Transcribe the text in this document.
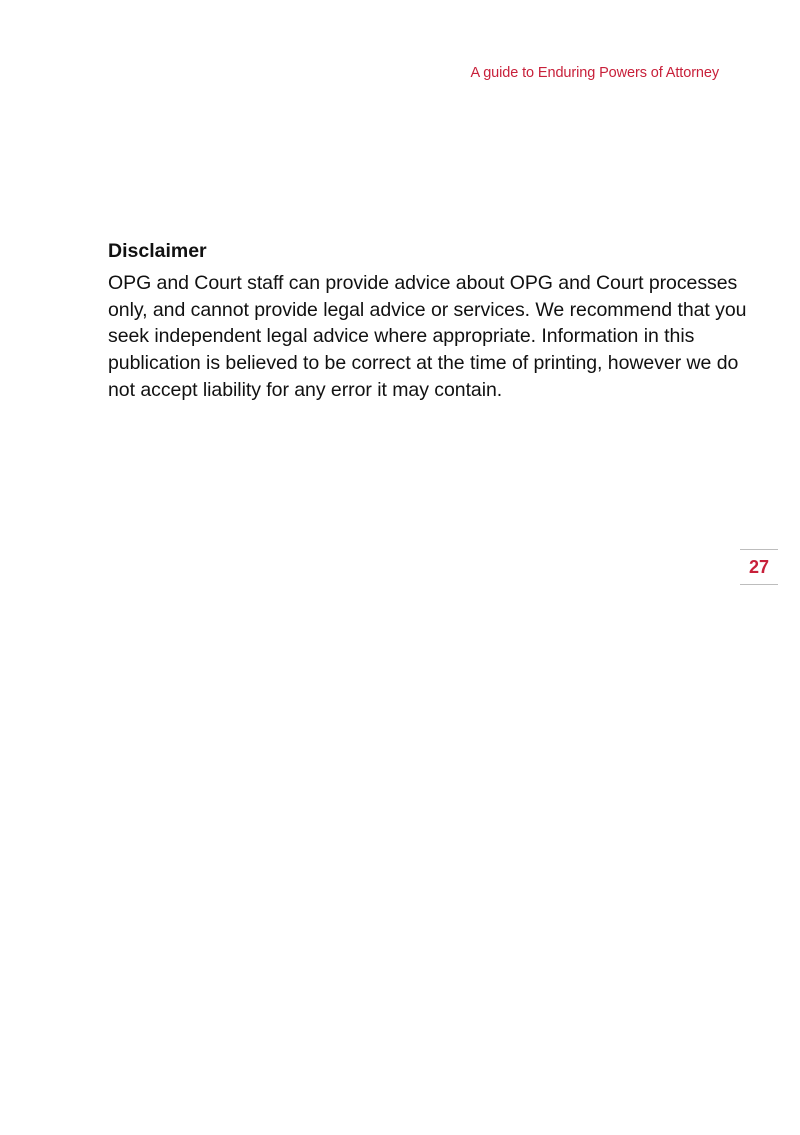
A guide to Enduring Powers of Attorney
Disclaimer

OPG and Court staff can provide advice about OPG and Court processes only, and cannot provide legal advice or services. We recommend that you seek independent legal advice where appropriate. Information in this publication is believed to be correct at the time of printing, however we do not accept liability for any error it may contain.

27
